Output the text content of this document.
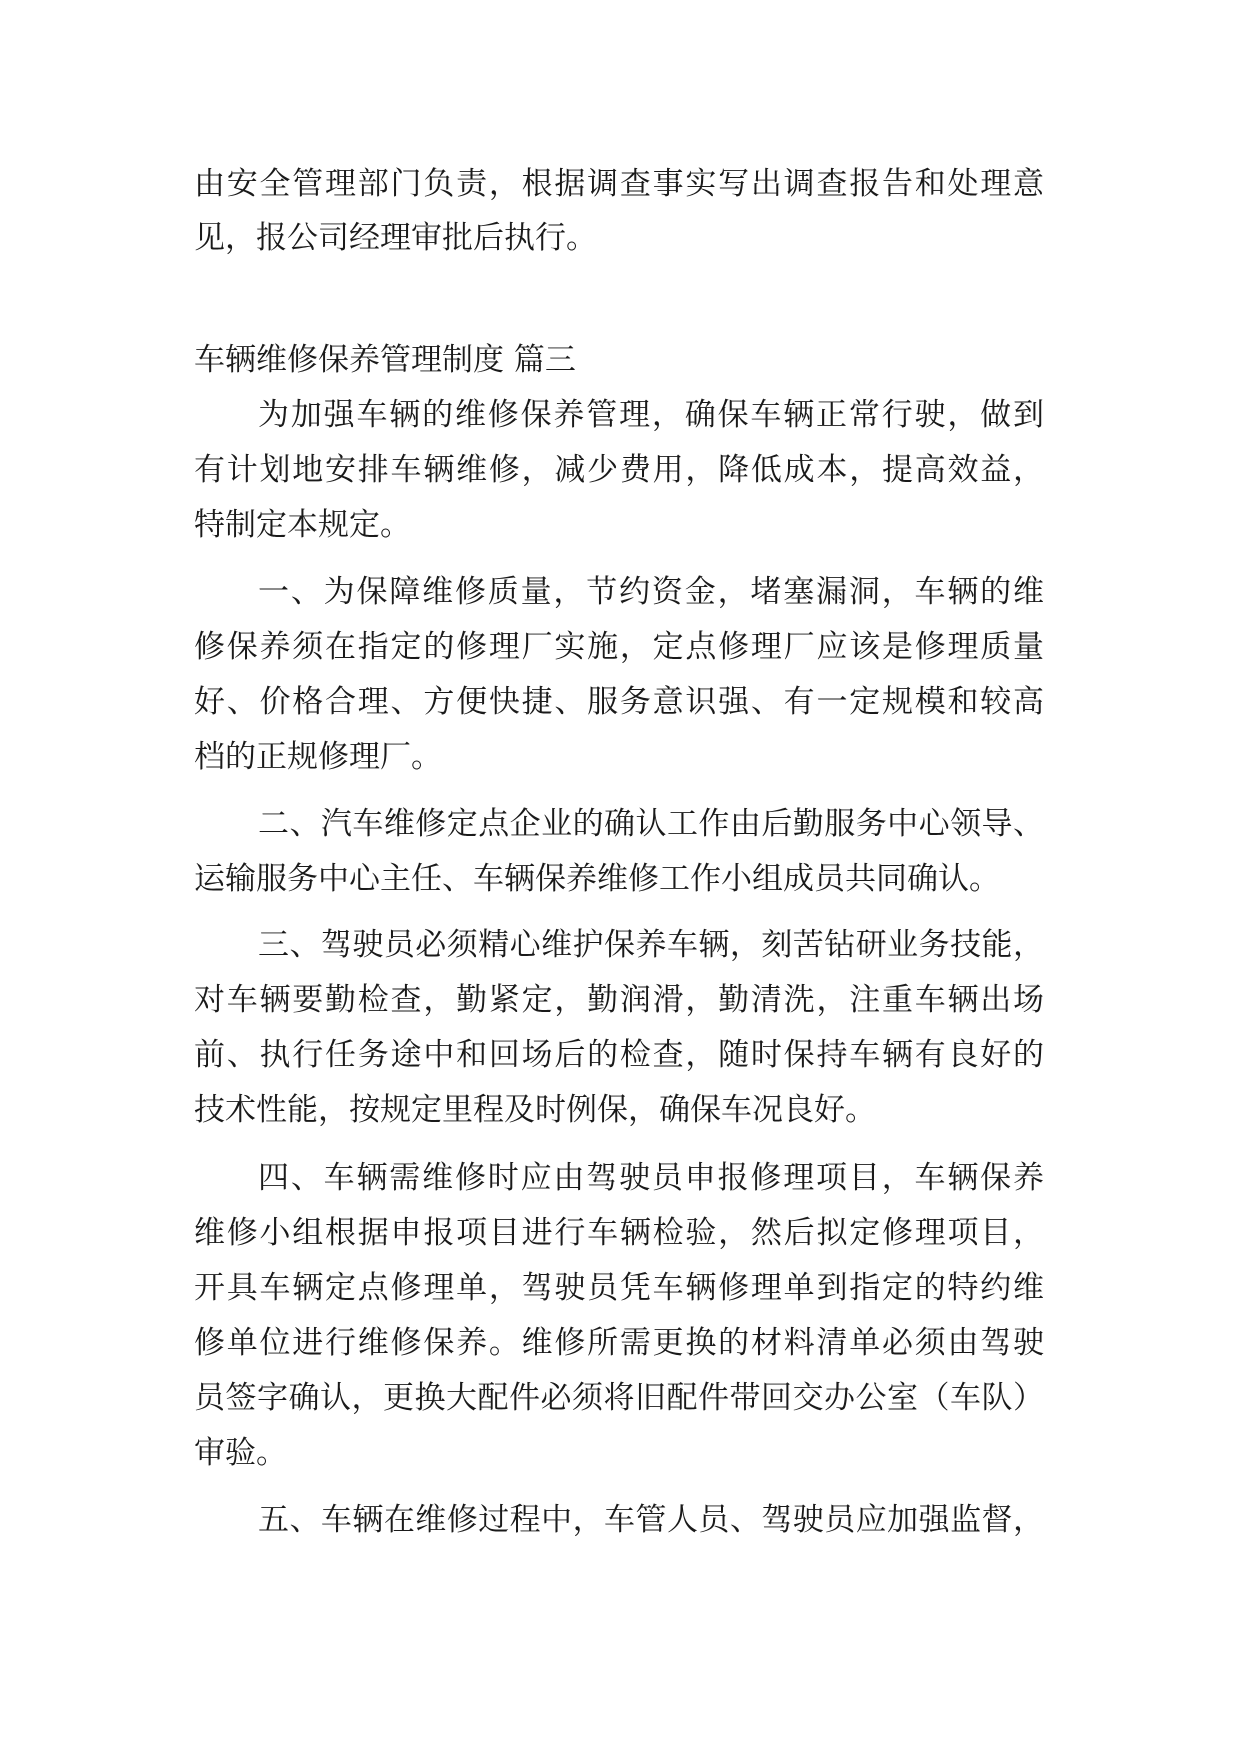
由安全管理部门负责，根据调查事实写出调查报告和处理意

见，报公司经理审批后执行。

车辆维修保养管理制度 篇三

为加强车辆的维修保养管理，确保车辆正常行驶，做到

有计划地安排车辆维修，减少费用，降低成本，提高效益，

特制定本规定。

一、为保障维修质量，节约资金，堵塞漏洞，车辆的维

修保养须在指定的修理厂实施，定点修理厂应该是修理质量

好、价格合理、方便快捷、服务意识强、有一定规模和较高

档的正规修理厂。

二、汽车维修定点企业的确认工作由后勤服务中心领导、

运输服务中心主任、车辆保养维修工作小组成员共同确认。

三、驾驶员必须精心维护保养车辆，刻苦钻研业务技能，

对车辆要勤检查，勤紧定，勤润滑，勤清洗，注重车辆出场

前、执行任务途中和回场后的检查，随时保持车辆有良好的

技术性能，按规定里程及时例保，确保车况良好。

四、车辆需维修时应由驾驶员申报修理项目，车辆保养

维修小组根据申报项目进行车辆检验，然后拟定修理项目，

开具车辆定点修理单，驾驶员凭车辆修理单到指定的特约维

修单位进行维修保养。维修所需更换的材料清单必须由驾驶

员签字确认，更换大配件必须将旧配件带回交办公室（车队）

审验。

五、车辆在维修过程中，车管人员、驾驶员应加强监督，
